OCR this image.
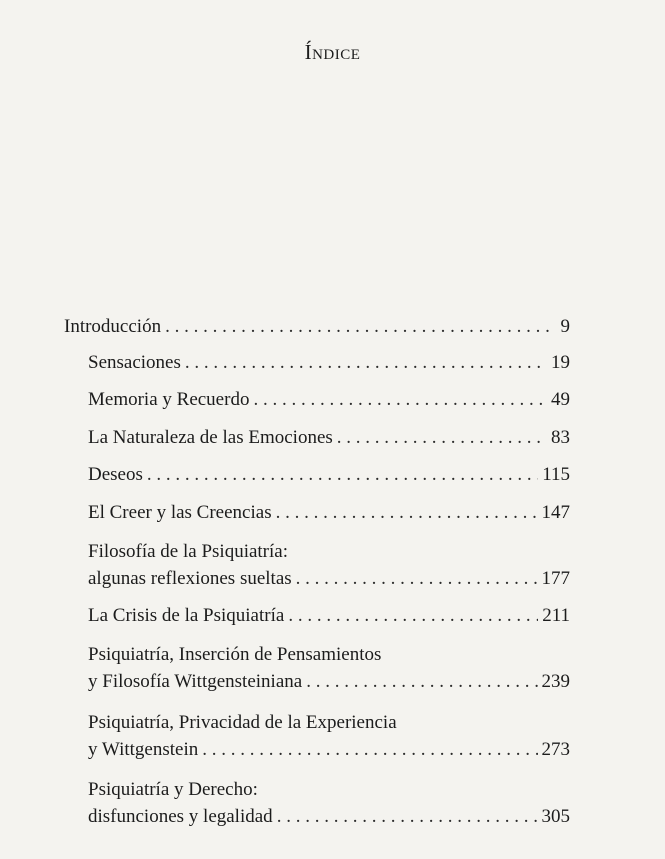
Índice
Introducción . . .	9
Sensaciones . . .	19
Memoria y Recuerdo . . .	49
La Naturaleza de las Emociones . . .	83
Deseos . . .	115
El Creer y las Creencias . . .	147
Filosofía de la Psiquiatría:
algunas reflexiones sueltas . . .	177
La Crisis de la Psiquiatría . . .	211
Psiquiatría, Inserción de Pensamientos
y Filosofía Wittgensteiniana . . .	239
Psiquiatría, Privacidad de la Experiencia
y Wittgenstein . . .	273
Psiquiatría y Derecho:
disfunciones y legalidad . . .	305
